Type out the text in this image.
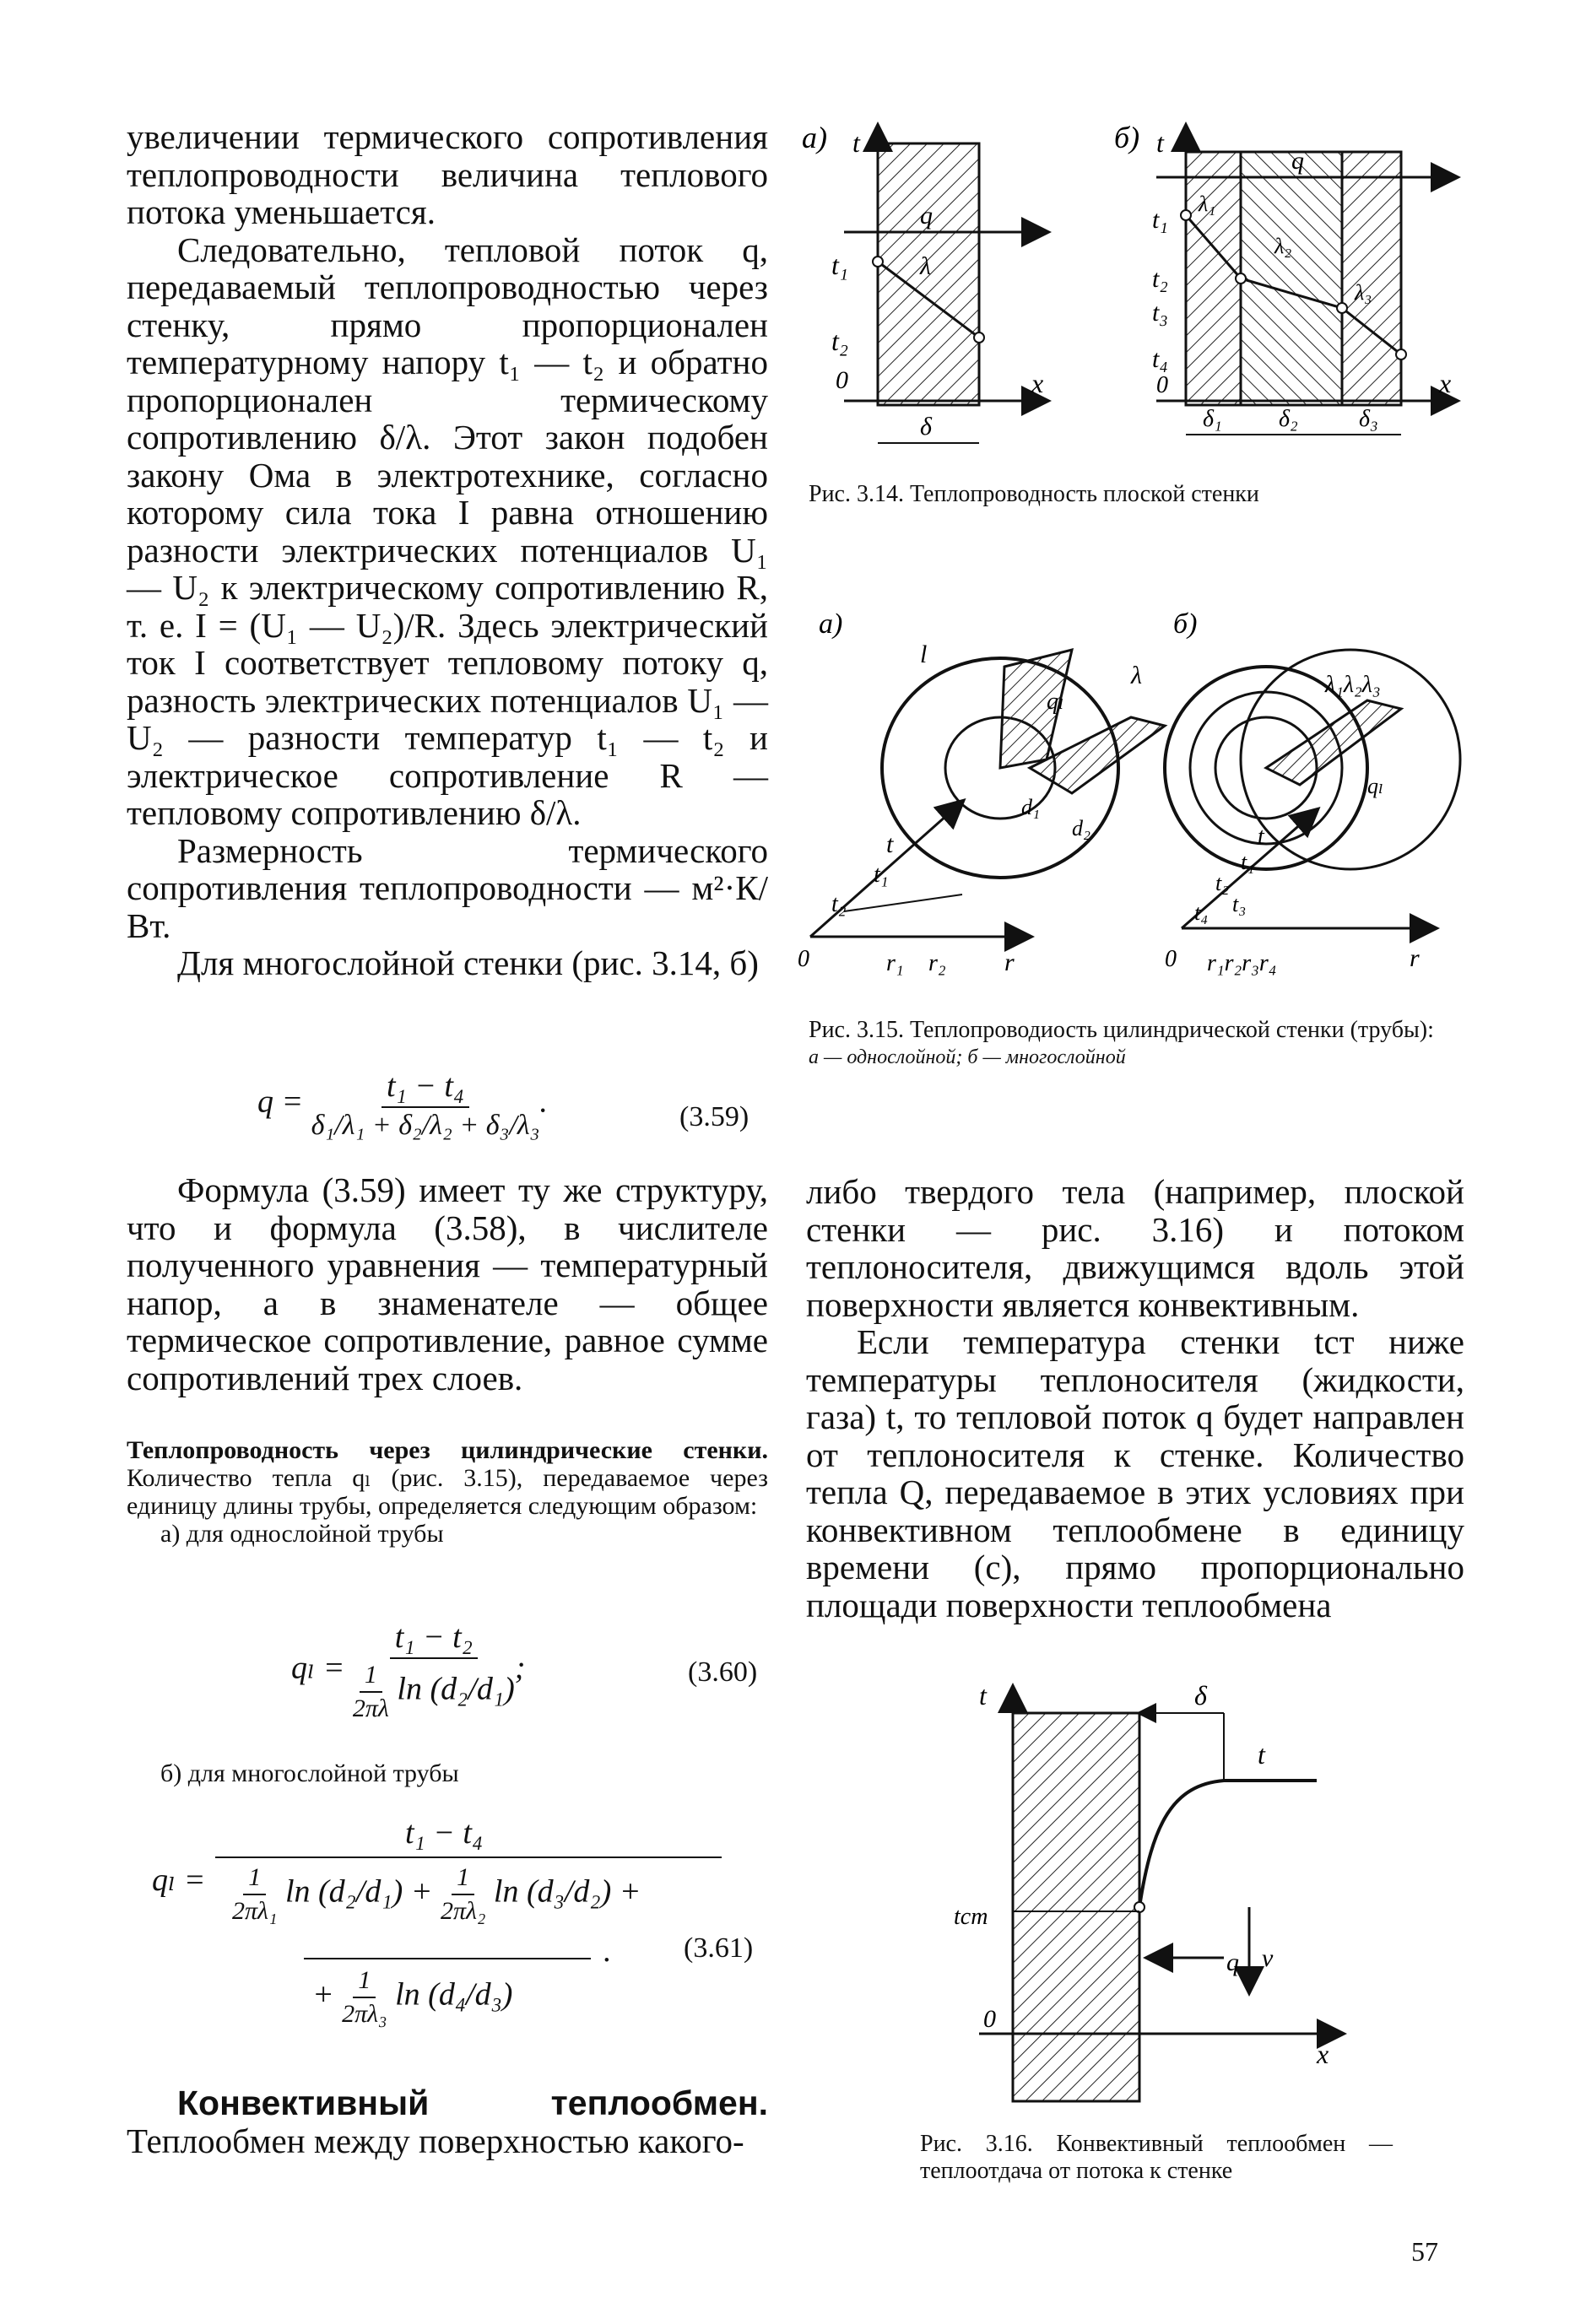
увеличении термического сопротивления теплопроводности величина теплового потока уменьшается.

Следовательно, тепловой поток q, передаваемый теплопроводностью через стенку, прямо пропорционален температурному напору t₁ — t₂ и обратно пропорционален термическому сопротивлению δ/λ. Этот закон подобен закону Ома в электротехнике, согласно которому сила тока I равна отношению разности электрических потенциалов U₁ — U₂ к электрическому сопротивлению R, т. е. I = (U₁ — U₂)/R. Здесь электрический ток I соответствует тепловому потоку q, разность электрических потенциалов U₁ — U₂ — разности температур t₁ — t₂ и электрическое сопротивление R — тепловому сопротивлению δ/λ.

Размерность термического сопротивления теплопроводности — м²·К/Вт.

Для многослойной стенки (рис. 3.14, б)

$q = \frac{\text{t₁ − t₄}}{\text{δ₁/λ₁ + δ₂/λ₂ + δ₃/λ₃}}$ .	(3.59)

Формула (3.59) имеет ту же структуру, что и формула (3.58), в числителе полученного уравнения — температурный напор, а в знаменателе — общее термическое сопротивление, равное сумме сопротивлений трех слоев.

Теплопроводность через цилиндрические стенки. Количество тепла qₗ (рис. 3.15), передаваемое через единицу длины трубы, определяется следующим образом:
а) для однослойной трубы
$q_l = \frac{\text{t₁ − t₂}}{\frac{1}{2\pi\lambda} \ln (d_2/d_1)}$ ;	(3.60)
б) для многослойной трубы
qₗ =
t₁ − t₄
$\frac{1}{\text{2πλ₁}}$ $\ln (d_2/d_1) + \frac{1}{\text{2πλ₂}}$ ln (d₃/d₂) +
.
+ $\frac{1}{\text{2πλ₃}}$ ln (d₄/d₃)
(3.61)

Конвективный теплообмен. Теплообмен между поверхностью какого-

а) t
x
q
λ
t₁
t₂
0
δ
б) t
x
q
λ₁
λ₂
λ₃
t₁
t₂
t₃
t₄
0
δ₁ δ₂	δ₃
Рис. 3.14. Теплопроводность плоской стенки
а)	б)
l
qₗ
λ
d₁
d₂
t
t₁
t₂
0	r₁ r₂ r
λ₁λ₂λ₃
qₗ
t
t₁
t₂
t₃
t₄
0 r₁r₂r₃r₄	r
Рис. 3.15. Теплопроводиость цилиндрической стенки (трубы):
а — однослойной; б — многослойной

либо твердого тела (например, плоской стенки — рис. 3.16) и потоком теплоносителя, движущимся вдоль этой поверхности является конвективным.

Если температура стенки tст ниже температуры теплоносителя (жидкости, газа) t, то тепловой поток q будет направлен от теплоносителя к стенке. Количество тепла Q, передаваемое в этих условиях при конвективном теплообмене в единицу времени (с), прямо пропорционально площади поверхности теплообмена

t	δ
t
tcm
q v
0
x
Рис. 3.16. Конвективный теплообмен — теплоотдача от потока к стенке
57
